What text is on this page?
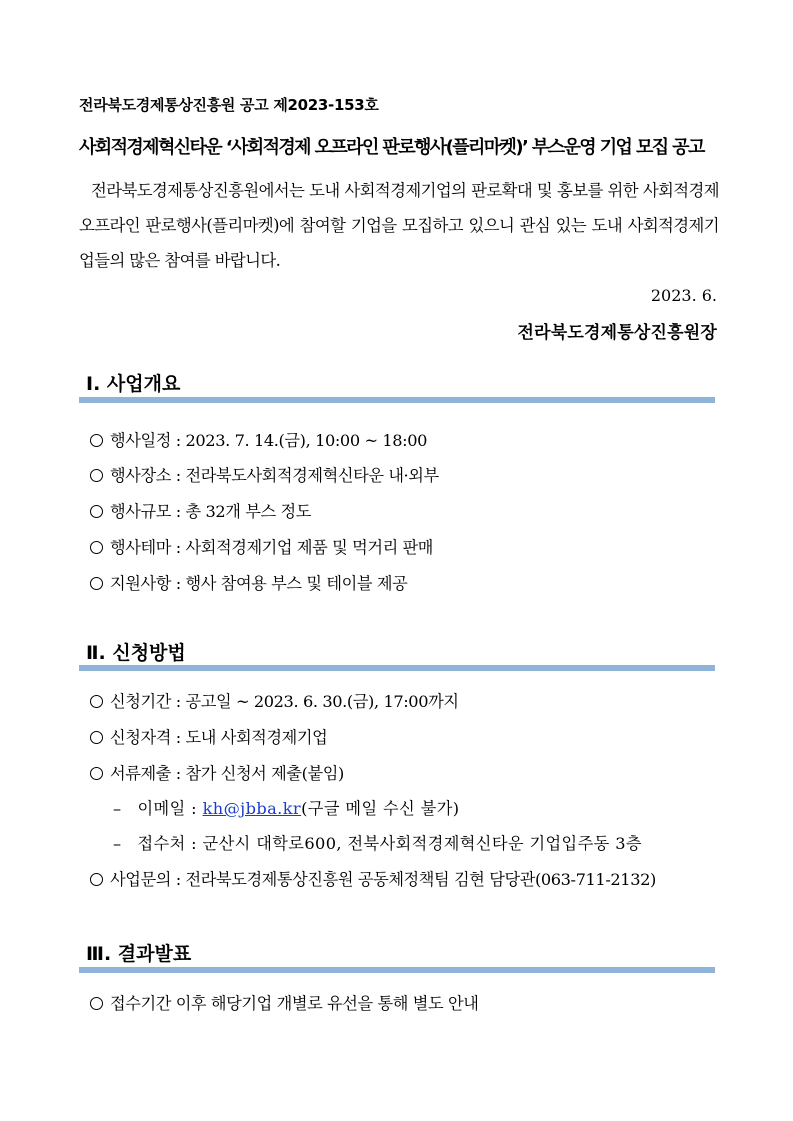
전라북도경제통상진흥원 공고 제2023-153호
사회적경제혁신타운 ‘사회적경제 오프라인 판로행사(플리마켓)’ 부스운영 기업 모집 공고
전라북도경제통상진흥원에서는 도내 사회적경제기업의 판로확대 및 홍보를 위한 사회적경제 오프라인 판로행사(플리마켓)에 참여할 기업을 모집하고 있으니 관심 있는 도내 사회적경제기업들의 많은 참여를 바랍니다.
2023. 6.
전라북도경제통상진흥원장
Ⅰ. 사업개요
행사일정 : 2023. 7. 14.(금), 10:00 ~ 18:00
행사장소 : 전라북도사회적경제혁신타운 내·외부
행사규모 : 총 32개 부스 정도
행사테마 : 사회적경제기업 제품 및 먹거리 판매
지원사항 : 행사 참여용 부스 및 테이블 제공
Ⅱ. 신청방법
신청기간 : 공고일 ~ 2023. 6. 30.(금), 17:00까지
신청자격 : 도내 사회적경제기업
서류제출 : 참가 신청서 제출(붙임)
– 이메일 : kh@jbba.kr(구글 메일 수신 불가)
– 접수처 : 군산시 대학로600, 전북사회적경제혁신타운 기업입주동 3층
사업문의 : 전라북도경제통상진흥원 공동체정책팀 김현 담당관(063-711-2132)
Ⅲ. 결과발표
접수기간 이후 해당기업 개별로 유선을 통해 별도 안내
